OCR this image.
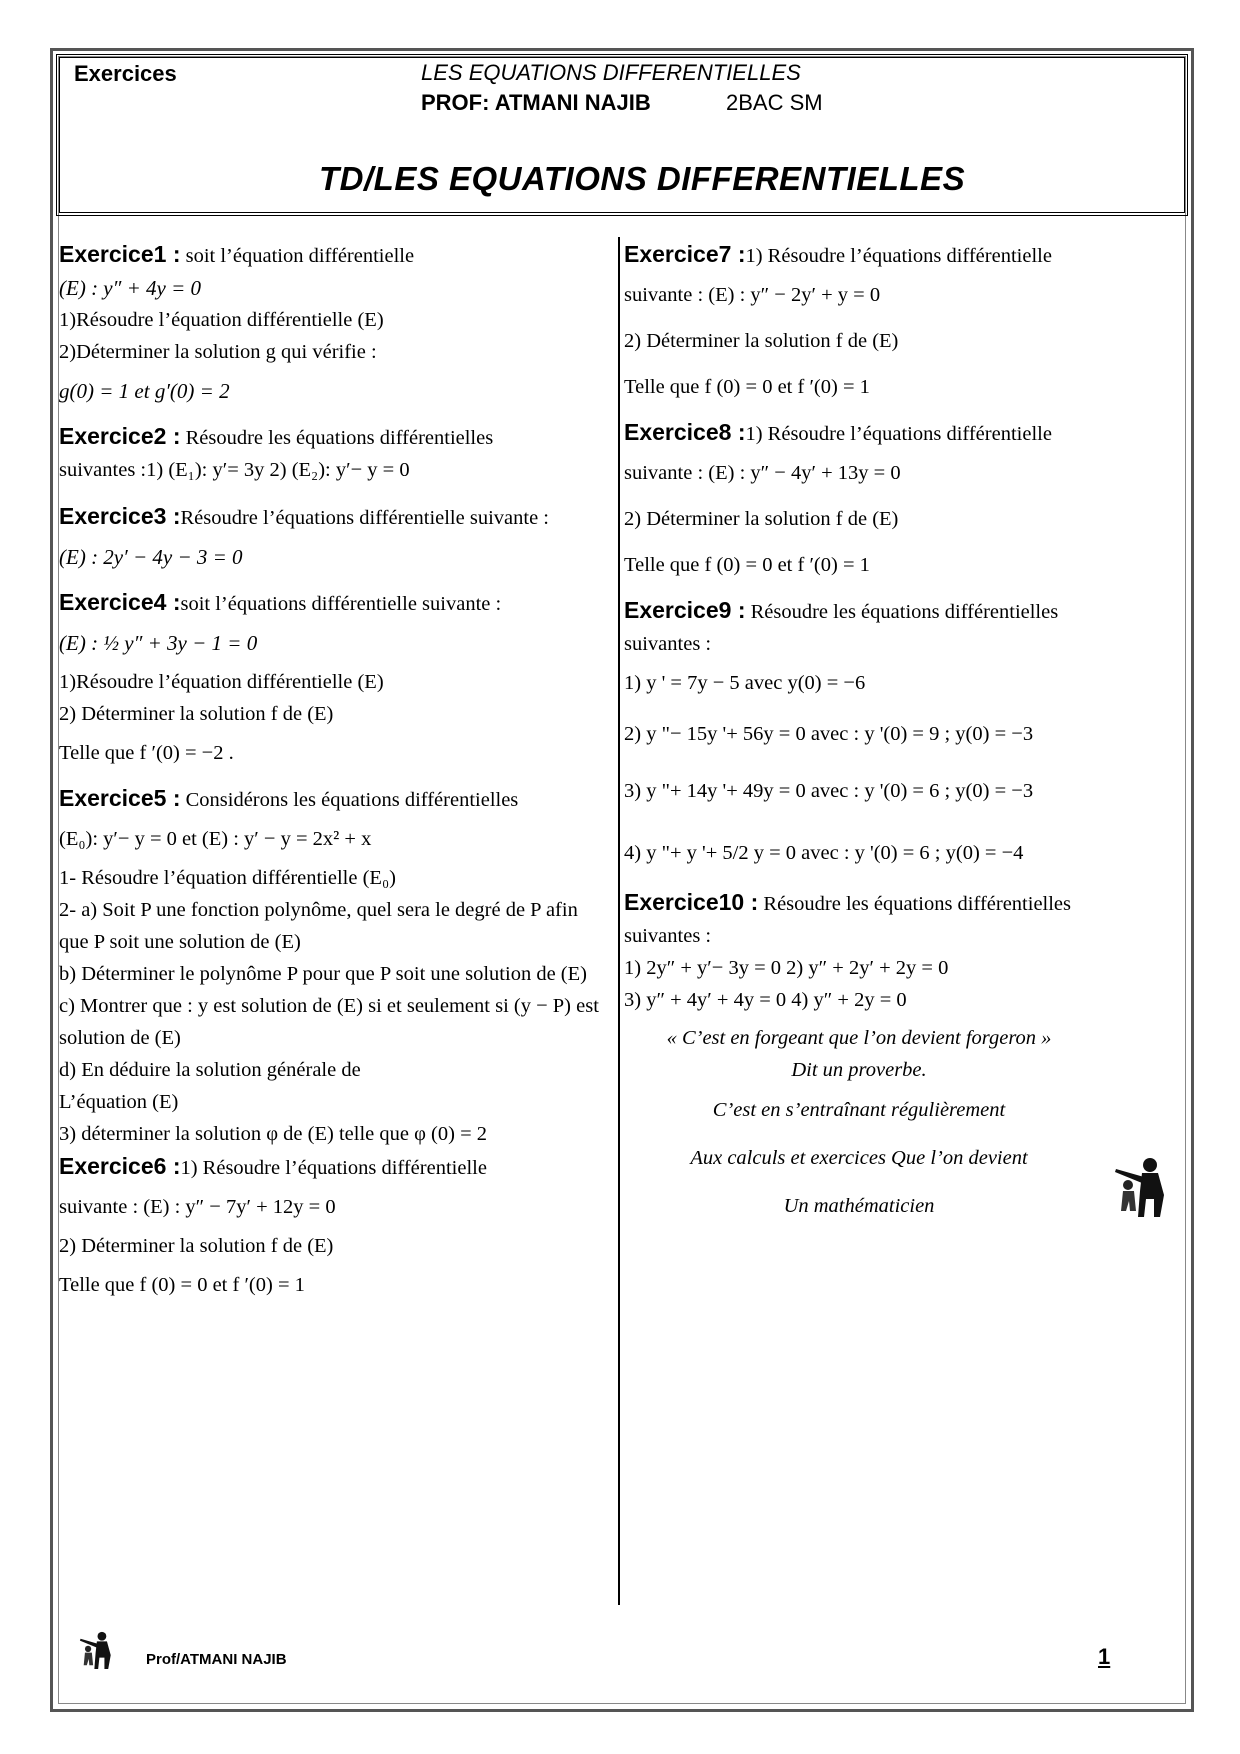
Exercices	LES EQUATIONS DIFFERENTIELLES
PROF: ATMANI NAJIB	2BAC SM
TD/LES EQUATIONS DIFFERENTIELLES
Exercice1 : soit l’équation différentielle
(E) : y″ + 4y = 0
1)Résoudre l’équation différentielle (E)
2)Déterminer la solution g qui vérifie :
g(0) = 1 et g′(0) = 2
Exercice2 : Résoudre les équations différentielles
suivantes :1) (E₁): y′= 3y 2) (E₂): y′− y = 0
Exercice3 :Résoudre l’équations différentielle suivante :
(E) : 2y′ − 4y − 3 = 0
Exercice4 :soit l’équations différentielle suivante :
(E) : ½ y″ + 3y − 1 = 0
1)Résoudre l’équation différentielle (E)
2) Déterminer la solution f de (E)
Telle que f ′(0) = −2 .
Exercice5 : Considérons les équations différentielles
(E₀): y′− y = 0 et (E) : y′ − y = 2x² + x
1- Résoudre l’équation différentielle (E₀)
2- a) Soit P une fonction polynôme, quel sera le degré de P afin que P soit une solution de (E)
b) Déterminer le polynôme P pour que P soit une solution de (E)
c) Montrer que : y est solution de (E) si et seulement si (y − P) est solution de (E)
d) En déduire la solution générale de
L’équation (E)
3) déterminer la solution φ de (E) telle que φ (0) = 2
Exercice6 :1) Résoudre l’équations différentielle
suivante : (E) : y″ − 7y′ + 12y = 0
2) Déterminer la solution f de (E)
Telle que f (0) = 0 et f ′(0) = 1
Exercice7 :1) Résoudre l’équations différentielle
suivante : (E) : y″ − 2y′ + y = 0
2) Déterminer la solution f de (E)
Telle que f (0) = 0 et f ′(0) = 1
Exercice8 :1) Résoudre l’équations différentielle
suivante : (E) : y″ − 4y′ + 13y = 0
2) Déterminer la solution f de (E)
Telle que f (0) = 0 et f ′(0) = 1
Exercice9 : Résoudre les équations différentielles
suivantes :
1) y ' = 7y − 5 avec y(0) = −6
2) y "− 15y '+ 56y = 0 avec : y '(0) = 9 ; y(0) = −3
3) y "+ 14y '+ 49y = 0 avec : y '(0) = 6 ; y(0) = −3
4) y "+ y '+ 5/2 y = 0 avec : y '(0) = 6 ; y(0) = −4
Exercice10 : Résoudre les équations différentielles
suivantes :
1) 2y″ + y′− 3y = 0 2) y″ + 2y′ + 2y = 0
3) y″ + 4y′ + 4y = 0 4) y″ + 2y = 0
« C’est en forgeant que l’on devient forgeron »
Dit un proverbe.
C’est en s’entraînant régulièrement
Aux calculs et exercices Que l’on devient
Un mathématicien
Prof/ATMANI NAJIB	1
